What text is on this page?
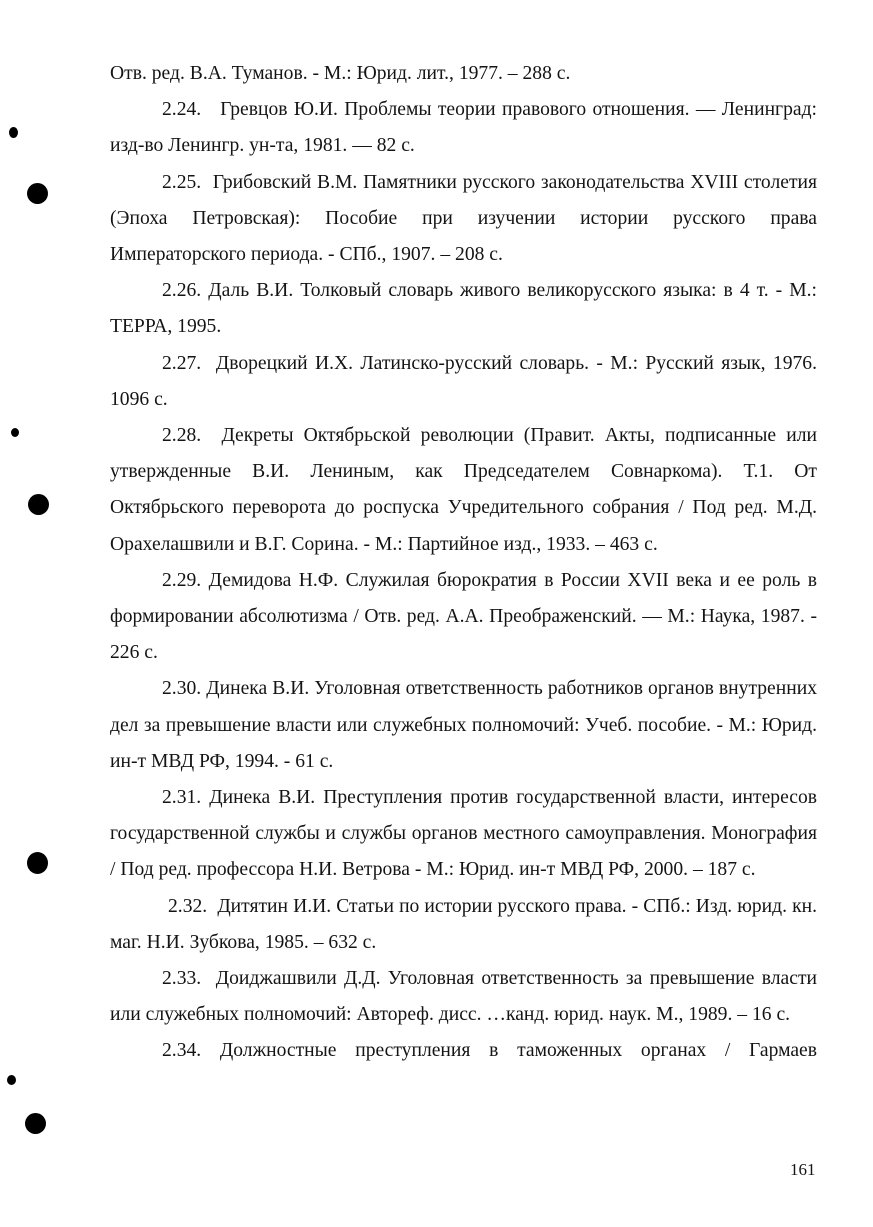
Отв. ред. В.А. Туманов. - М.: Юрид. лит., 1977. – 288 с.

2.24. Гревцов Ю.И. Проблемы теории правового отношения. — Ленинград: изд-во Ленингр. ун-та, 1981. — 82 с.

2.25. Грибовский В.М. Памятники русского законодательства XVIII столетия (Эпоха Петровская): Пособие при изучении истории русского права Императорского периода. - СПб., 1907. – 208 с.

2.26. Даль В.И. Толковый словарь живого великорусского языка: в 4 т. - М.: ТЕРРА, 1995.

2.27. Дворецкий И.Х. Латинско-русский словарь. - М.: Русский язык, 1976. 1096 с.

2.28. Декреты Октябрьской революции (Правит. Акты, подписанные или утвержденные В.И. Лениным, как Председателем Совнаркома). Т.1. От Октябрьского переворота до роспуска Учредительного собрания / Под ред. М.Д. Орахелашвили и В.Г. Сорина. - М.: Партийное изд., 1933. – 463 с.

2.29. Демидова Н.Ф. Служилая бюрократия в России XVII века и ее роль в формировании абсолютизма / Отв. ред. А.А. Преображенский. — М.: Наука, 1987. - 226 с.

2.30. Динека В.И. Уголовная ответственность работников органов внутренних дел за превышение власти или служебных полномочий: Учеб. пособие. - М.: Юрид. ин-т МВД РФ, 1994. - 61 с.

2.31. Динека В.И. Преступления против государственной власти, интересов государственной службы и службы органов местного самоуправления. Монография / Под ред. профессора Н.И. Ветрова - М.: Юрид. ин-т МВД РФ, 2000. – 187 с.

2.32. Дитятин И.И. Статьи по истории русского права. - СПб.: Изд. юрид. кн. маг. Н.И. Зубкова, 1985. – 632 с.

2.33. Доиджашвили Д.Д. Уголовная ответственность за превышение власти или служебных полномочий: Автореф. дисс. …канд. юрид. наук. М., 1989. – 16 с.

2.34. Должностные преступления в таможенных органах / Гармаев

161
